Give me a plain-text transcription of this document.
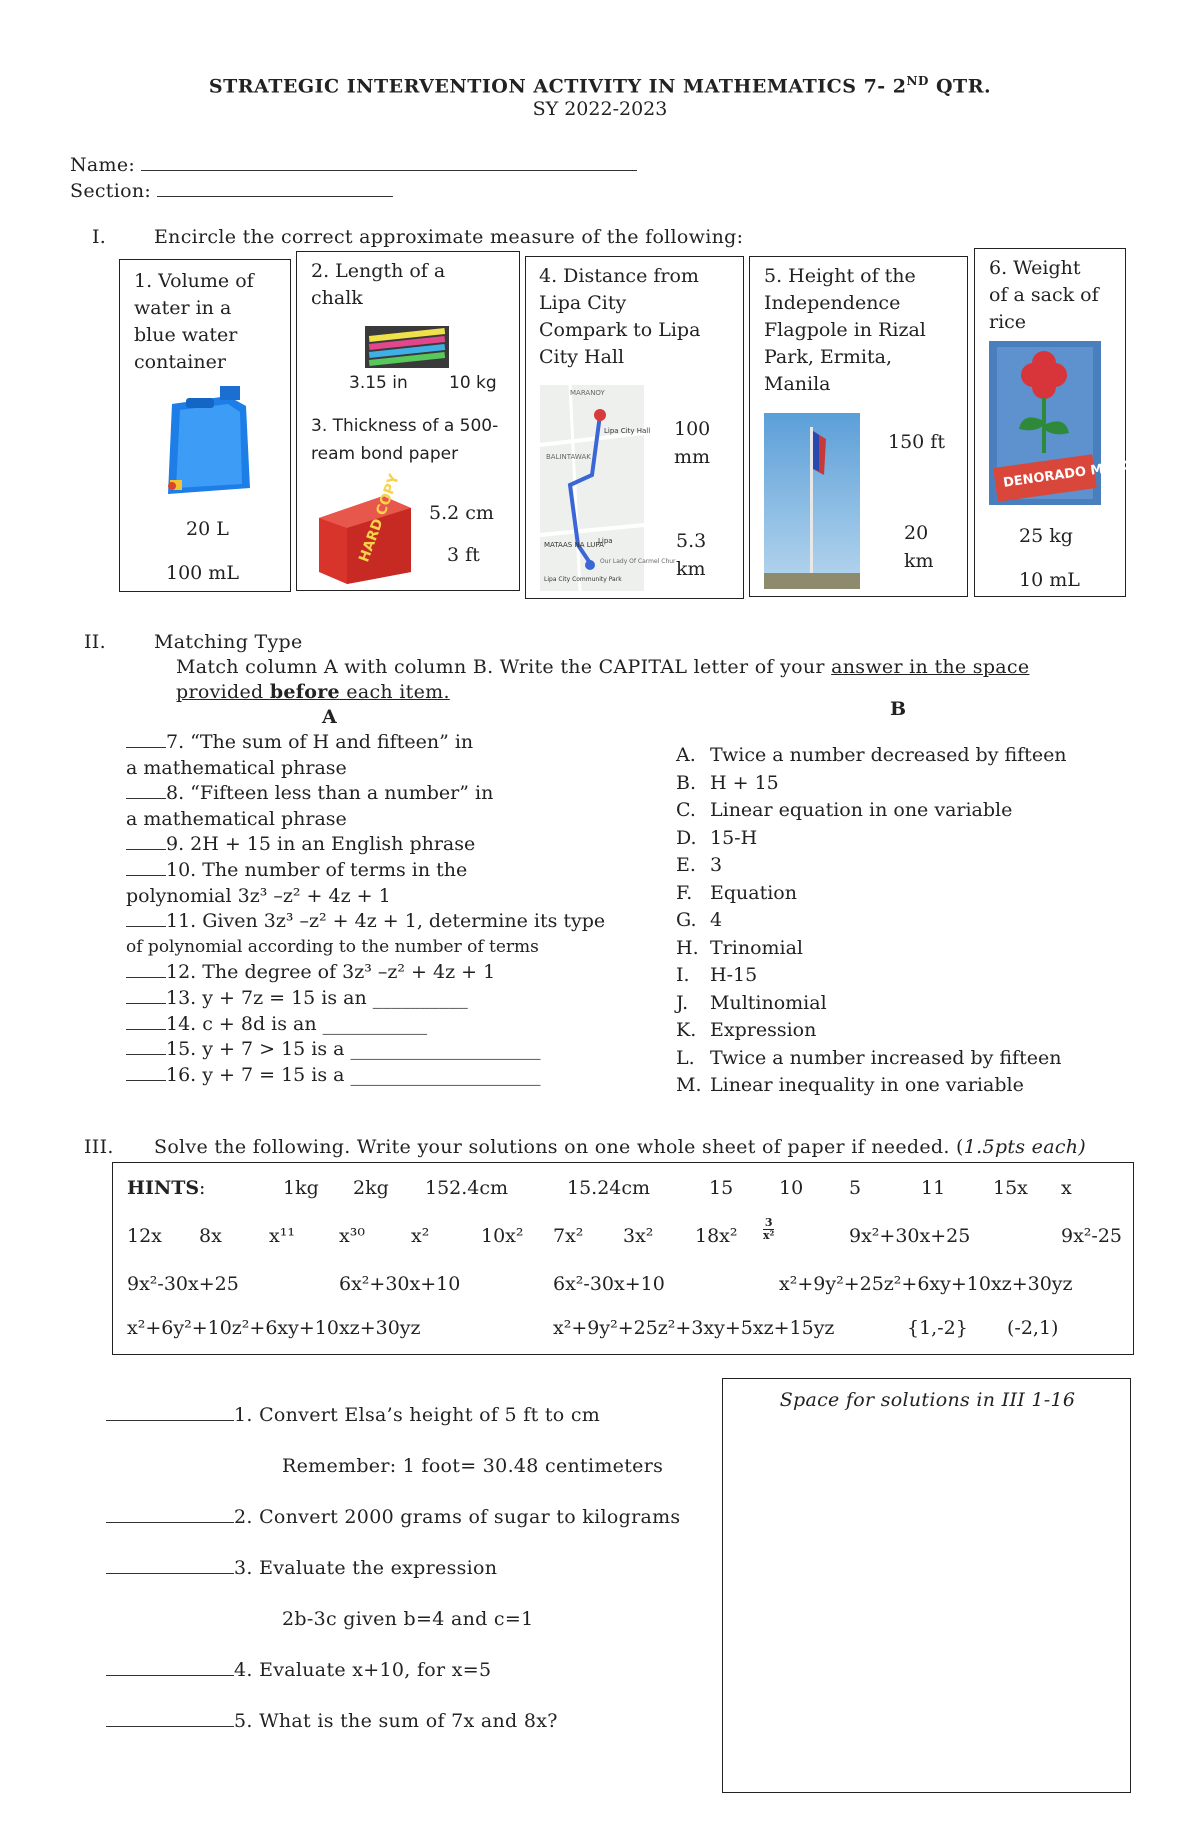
STRATEGIC INTERVENTION ACTIVITY IN MATHEMATICS 7- 2ND QTR.
SY 2022-2023
Name:
Section:
I.	Encircle the correct approximate measure of the following:
1. Volume of
water in a
blue water
container
20 L
100 mL
2. Length of a
chalk
3.15 in 10 kg
3. Thickness of a 500-
ream bond paper
HARD COPY 5.2 cm
3 ft
4. Distance from
Lipa City
Compark to Lipa
City Hall
MARANOY
Lipa City Hall
BALINTAWAK
MATAAS NA LUPA
Lipa
Lipa City Community Park
Our Lady Of Carmel Chur
100
mm
5.3
km
5. Height of the
Independence
Flagpole in Rizal
Park, Ermita,
Manila
150 ft
20
km
6. Weight
of a sack of
rice
DENORADO MINDORO
25 kg
10 mL
II.	Matching Type
Match column A with column B. Write the CAPITAL letter of your answer in the space
provided before each item.
A	B
7. “The sum of H and fifteen” in
a mathematical phrase
8. “Fifteen less than a number” in
a mathematical phrase
9. 2H + 15 in an English phrase
10. The number of terms in the
polynomial 3z³ –z² + 4z + 1
11. Given 3z³ –z² + 4z + 1, determine its type
of polynomial according to the number of terms
12. The degree of 3z³ –z² + 4z + 1
13. y + 7z = 15 is an __________
14. c + 8d is an ___________
15. y + 7 > 15 is a ____________________
16. y + 7 = 15 is a ____________________
A. Twice a number decreased by fifteen
B. H + 15
C. Linear equation in one variable
D. 15-H
E. 3
F. Equation
G. 4
H. Trinomial
I. H-15
J. Multinomial
K. Expression
L. Twice a number increased by fifteen
M. Linear inequality in one variable
III. Solve the following. Write your solutions on one whole sheet of paper if needed. (1.5pts each)
HINTS :	1kg 2kg 152.4cm	15.24cm	15 10 5	11	15x x
12x 8x x¹¹ x³⁰ x²	10x² 7x² 3x² 18x²
3
x²	9x²+30x+25	9x²-25
9x²-30x+25	6x²+30x+10	6x²-30x+10	x²+9y²+25z²+6xy+10xz+30yz
x²+6y²+10z²+6xy+10xz+30yz	x²+9y²+25z²+3xy+5xz+15yz	{1,-2} (-2,1)
Space for solutions in III 1-16
1. Convert Elsa’s height of 5 ft to cm
Remember: 1 foot= 30.48 centimeters
2. Convert 2000 grams of sugar to kilograms
3. Evaluate the expression
2b-3c given b=4 and c=1
4. Evaluate x+10, for x=5
5. What is the sum of 7x and 8x?
